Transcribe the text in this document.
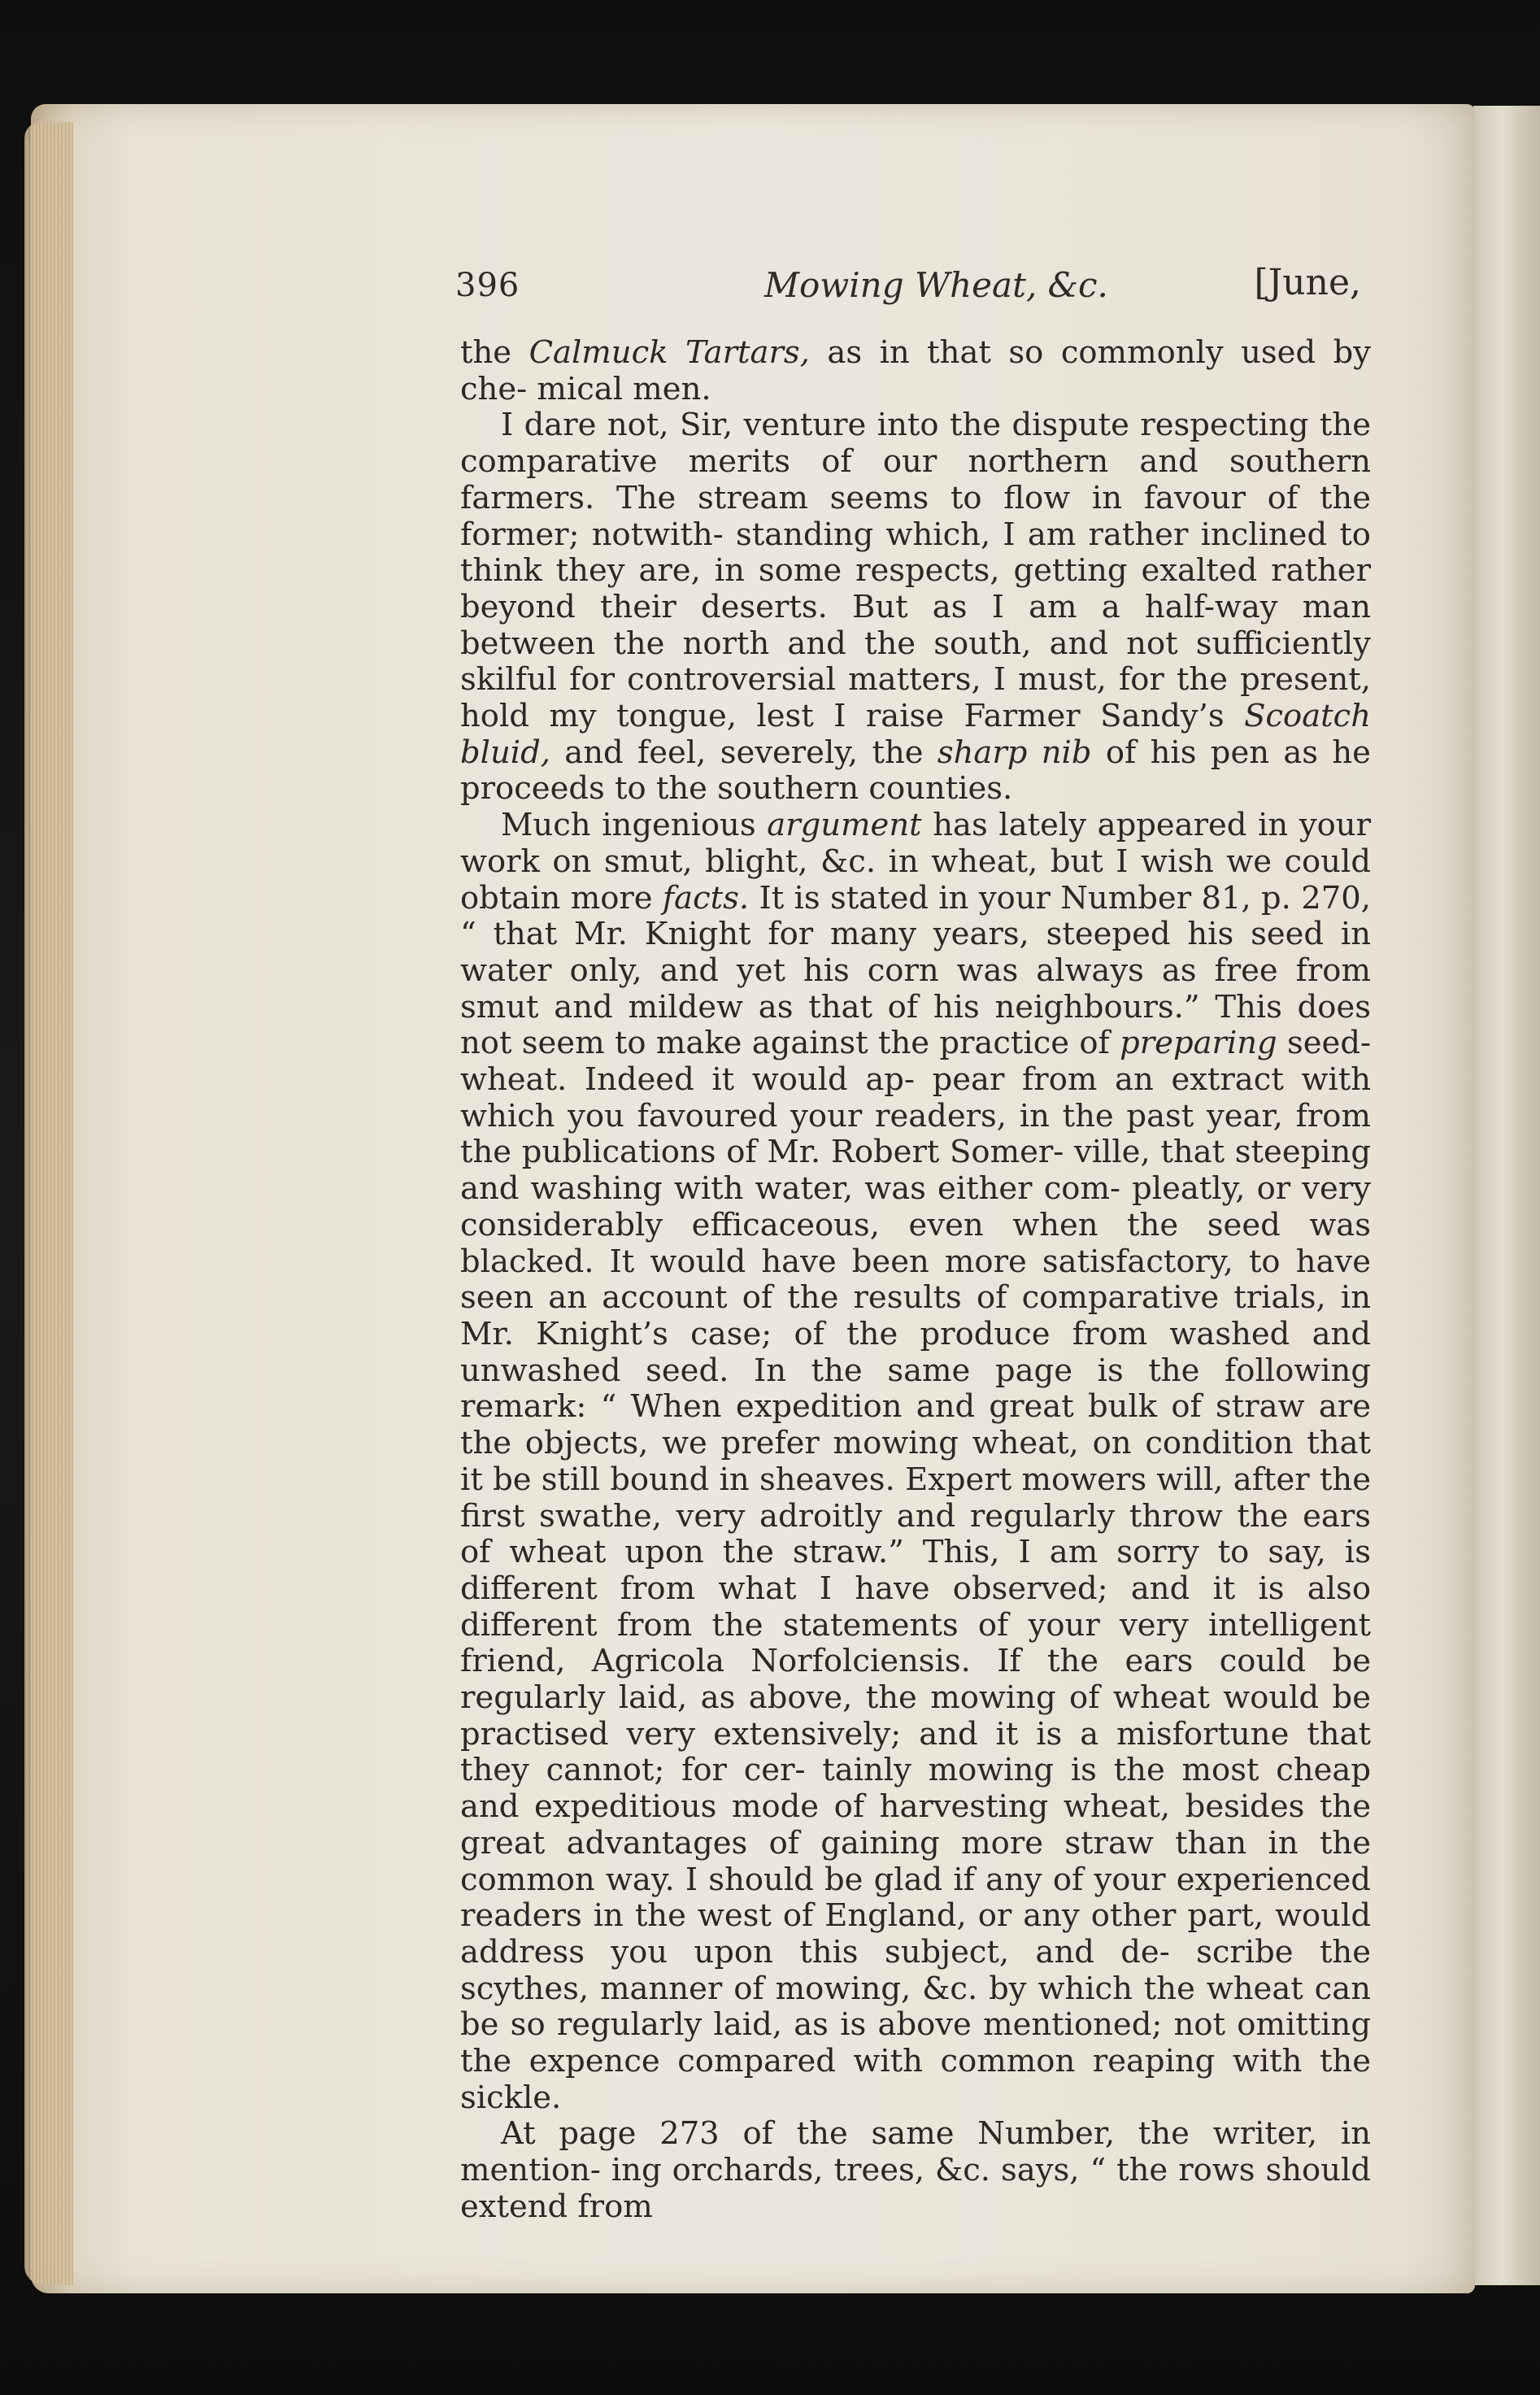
396	Mowing Wheat, &c.	[June,

the Calmuck Tartars, as in that so commonly used by che- mical men.

I dare not, Sir, venture into the dispute respecting the comparative merits of our northern and southern farmers. The stream seems to flow in favour of the former; notwith- standing which, I am rather inclined to think they are, in some respects, getting exalted rather beyond their deserts. But as I am a half-way man between the north and the south, and not sufficiently skilful for controversial matters, I must, for the present, hold my tongue, lest I raise Farmer Sandy’s Scoatch bluid, and feel, severely, the sharp nib of his pen as he proceeds to the southern counties.

Much ingenious argument has lately appeared in your work on smut, blight, &c. in wheat, but I wish we could obtain more facts. It is stated in your Number 81, p. 270, “ that Mr. Knight for many years, steeped his seed in water only, and yet his corn was always as free from smut and mildew as that of his neighbours.” This does not seem to make against the practice of preparing seed-wheat. Indeed it would ap- pear from an extract with which you favoured your readers, in the past year, from the publications of Mr. Robert Somer- ville, that steeping and washing with water, was either com- pleatly, or very considerably efficaceous, even when the seed was blacked. It would have been more satisfactory, to have seen an account of the results of comparative trials, in Mr. Knight’s case; of the produce from washed and unwashed seed. In the same page is the following remark: “ When expedition and great bulk of straw are the objects, we prefer mowing wheat, on condition that it be still bound in sheaves. Expert mowers will, after the first swathe, very adroitly and regularly throw the ears of wheat upon the straw.” This, I am sorry to say, is different from what I have observed; and it is also different from the statements of your very intelligent friend, Agricola Norfolciensis. If the ears could be regularly laid, as above, the mowing of wheat would be practised very extensively; and it is a misfortune that they cannot; for cer- tainly mowing is the most cheap and expeditious mode of harvesting wheat, besides the great advantages of gaining more straw than in the common way. I should be glad if any of your experienced readers in the west of England, or any other part, would address you upon this subject, and de- scribe the scythes, manner of mowing, &c. by which the wheat can be so regularly laid, as is above mentioned; not omitting the expence compared with common reaping with the sickle.

At page 273 of the same Number, the writer, in mention- ing orchards, trees, &c. says, “ the rows should extend from
